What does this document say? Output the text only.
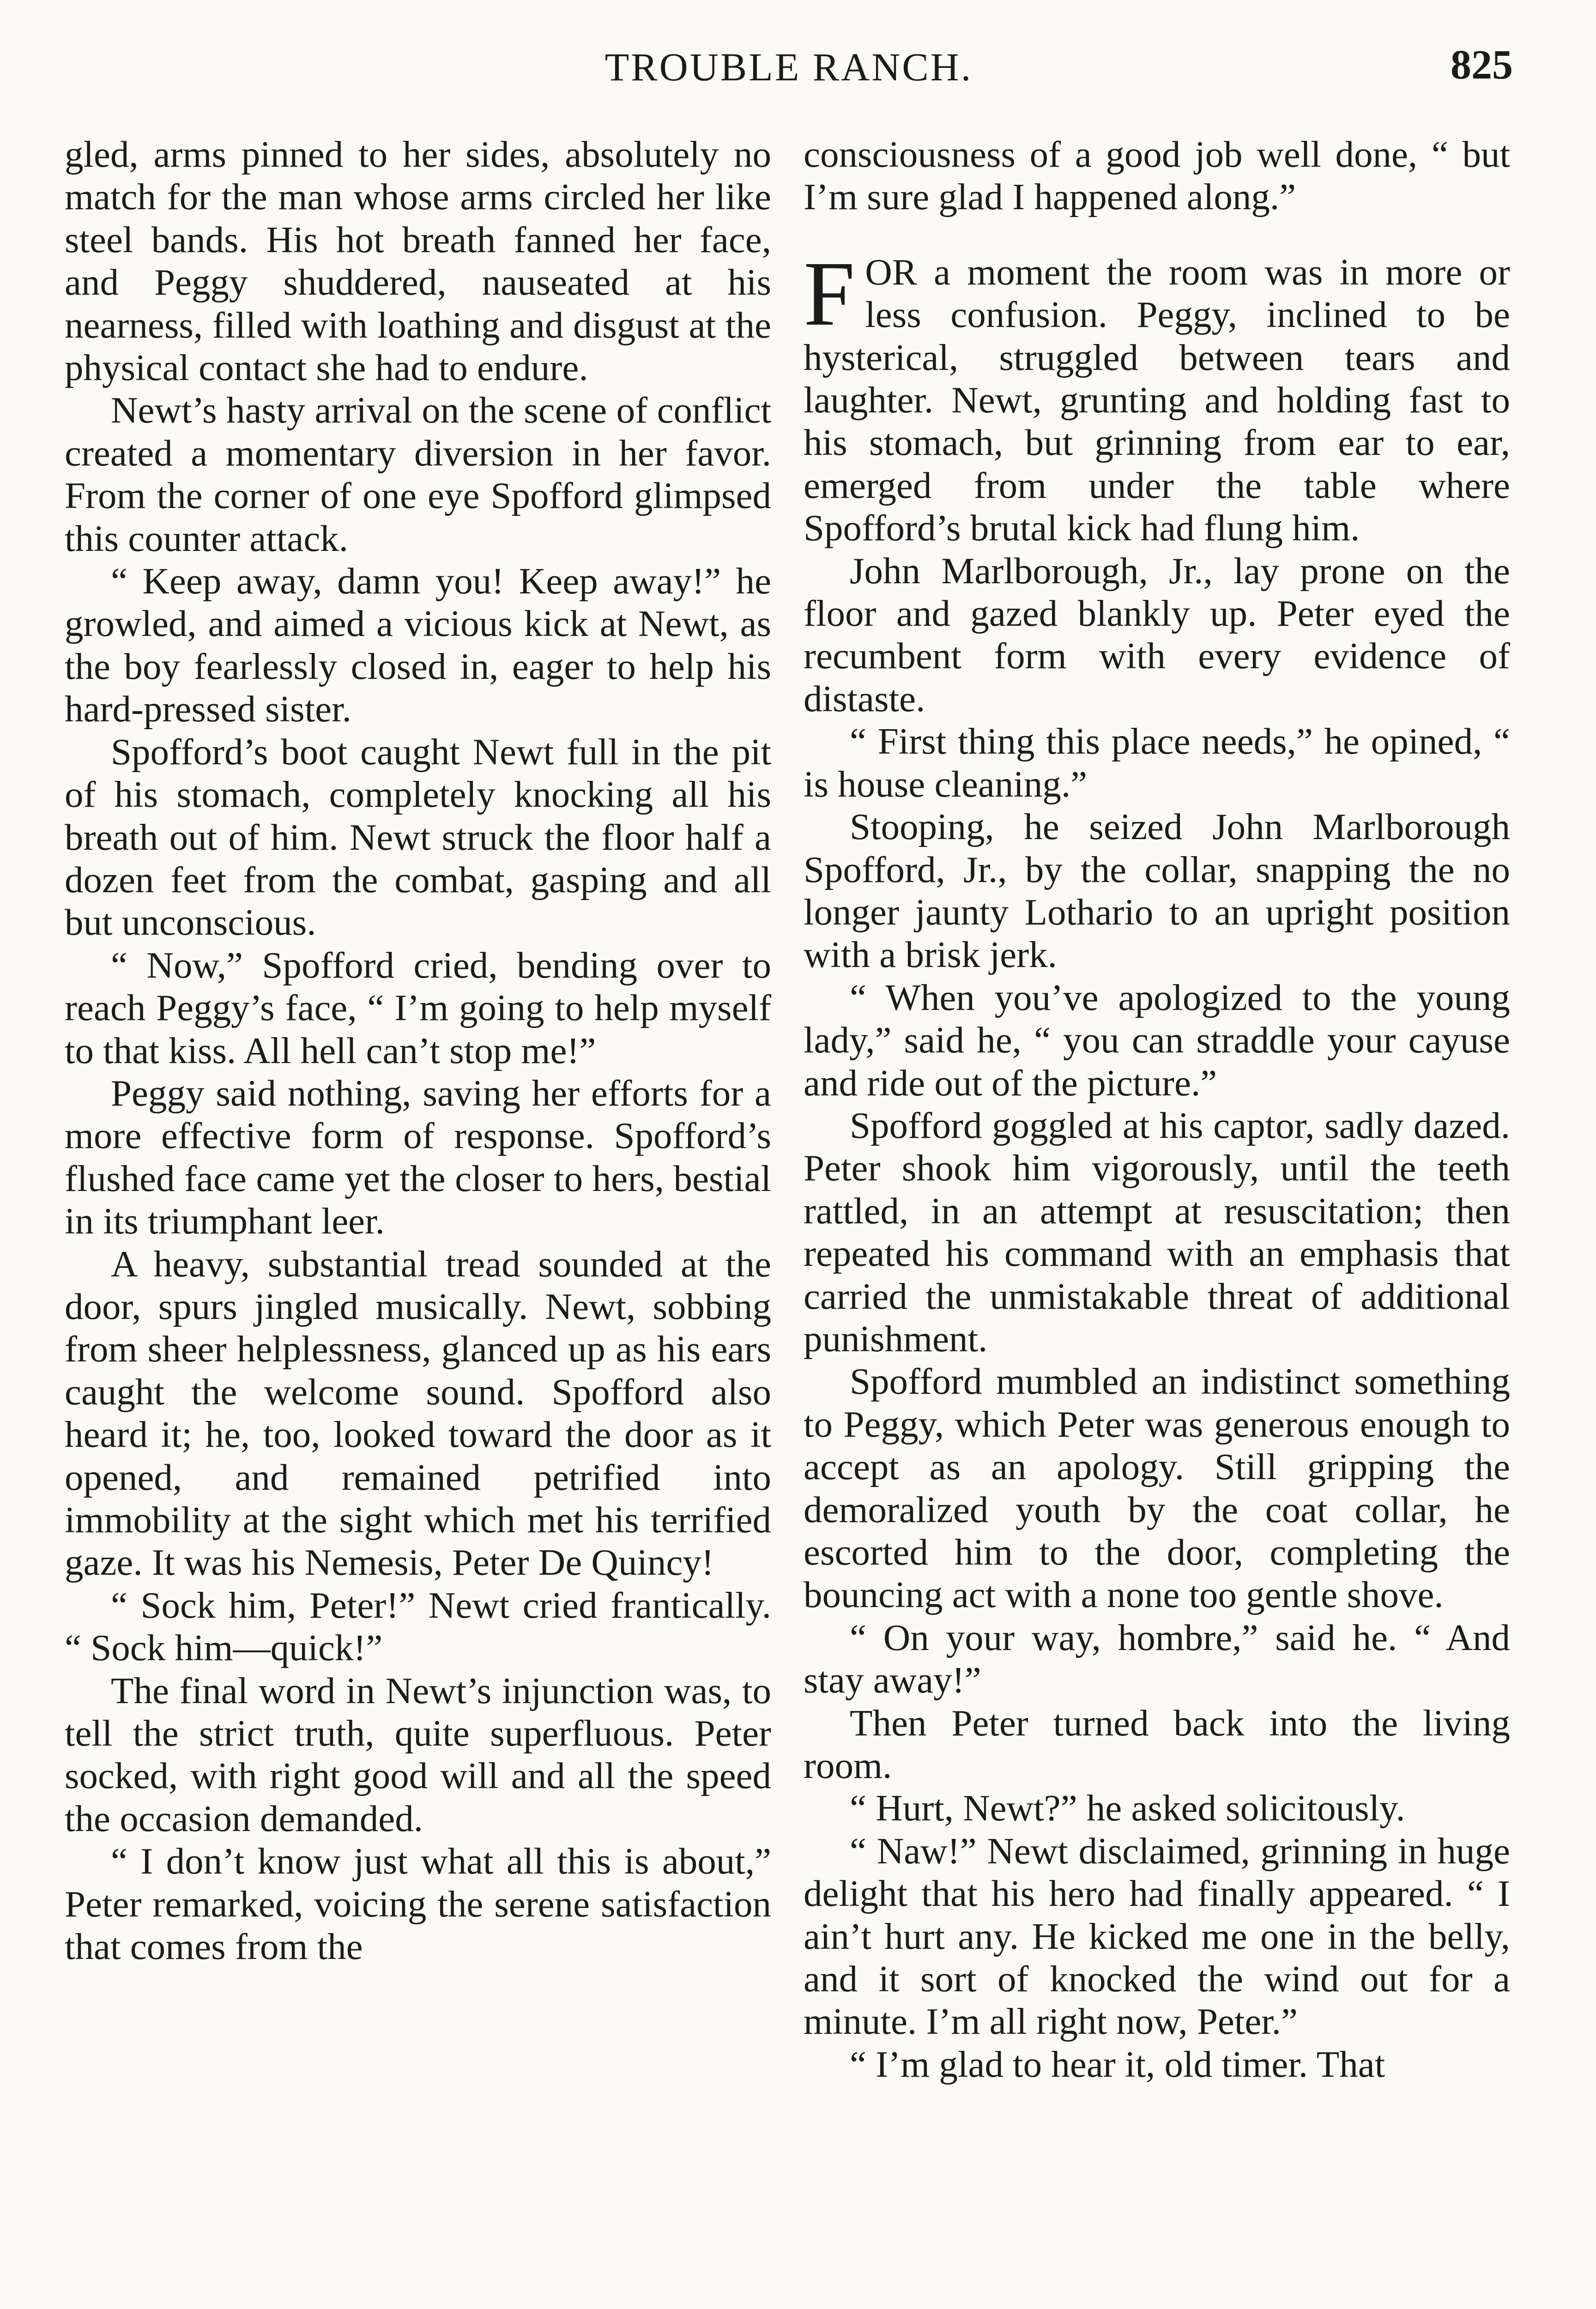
TROUBLE RANCH.	825

gled, arms pinned to her sides, absolutely no match for the man whose arms circled her like steel bands. His hot breath fanned her face, and Peggy shuddered, nauseated at his nearness, filled with loathing and disgust at the physical contact she had to endure.

Newt’s hasty arrival on the scene of conflict created a momentary diversion in her favor. From the corner of one eye Spofford glimpsed this counter attack.

“ Keep away, damn you! Keep away!” he growled, and aimed a vicious kick at Newt, as the boy fearlessly closed in, eager to help his hard-pressed sister.

Spofford’s boot caught Newt full in the pit of his stomach, completely knocking all his breath out of him. Newt struck the floor half a dozen feet from the combat, gasping and all but unconscious.

“ Now,” Spofford cried, bending over to reach Peggy’s face, “ I’m going to help myself to that kiss. All hell can’t stop me!”

Peggy said nothing, saving her efforts for a more effective form of response. Spofford’s flushed face came yet the closer to hers, bestial in its triumphant leer.

A heavy, substantial tread sounded at the door, spurs jingled musically. Newt, sobbing from sheer helplessness, glanced up as his ears caught the welcome sound. Spofford also heard it; he, too, looked toward the door as it opened, and remained petrified into immobility at the sight which met his terrified gaze. It was his Nemesis, Peter De Quincy!

“ Sock him, Peter!” Newt cried frantically. “ Sock him—quick!”

The final word in Newt’s injunction was, to tell the strict truth, quite superfluous. Peter socked, with right good will and all the speed the occasion demanded.

“ I don’t know just what all this is about,” Peter remarked, voicing the serene satisfaction that comes from the

consciousness of a good job well done, “ but I’m sure glad I happened along.”

FOR a moment the room was in more or less confusion. Peggy, inclined to be hysterical, struggled between tears and laughter. Newt, grunting and holding fast to his stomach, but grinning from ear to ear, emerged from under the table where Spofford’s brutal kick had flung him.

John Marlborough, Jr., lay prone on the floor and gazed blankly up. Peter eyed the recumbent form with every evidence of distaste.

“ First thing this place needs,” he opined, “ is house cleaning.”

Stooping, he seized John Marlborough Spofford, Jr., by the collar, snapping the no longer jaunty Lothario to an upright position with a brisk jerk.

“ When you’ve apologized to the young lady,” said he, “ you can straddle your cayuse and ride out of the picture.”

Spofford goggled at his captor, sadly dazed. Peter shook him vigorously, until the teeth rattled, in an attempt at resuscitation; then repeated his command with an emphasis that carried the unmistakable threat of additional punishment.

Spofford mumbled an indistinct something to Peggy, which Peter was generous enough to accept as an apology. Still gripping the demoralized youth by the coat collar, he escorted him to the door, completing the bouncing act with a none too gentle shove.

“ On your way, hombre,” said he. “ And stay away!”

Then Peter turned back into the living room.

“ Hurt, Newt?” he asked solicitously.

“ Naw!” Newt disclaimed, grinning in huge delight that his hero had finally appeared. “ I ain’t hurt any. He kicked me one in the belly, and it sort of knocked the wind out for a minute. I’m all right now, Peter.”

“ I’m glad to hear it, old timer. That
